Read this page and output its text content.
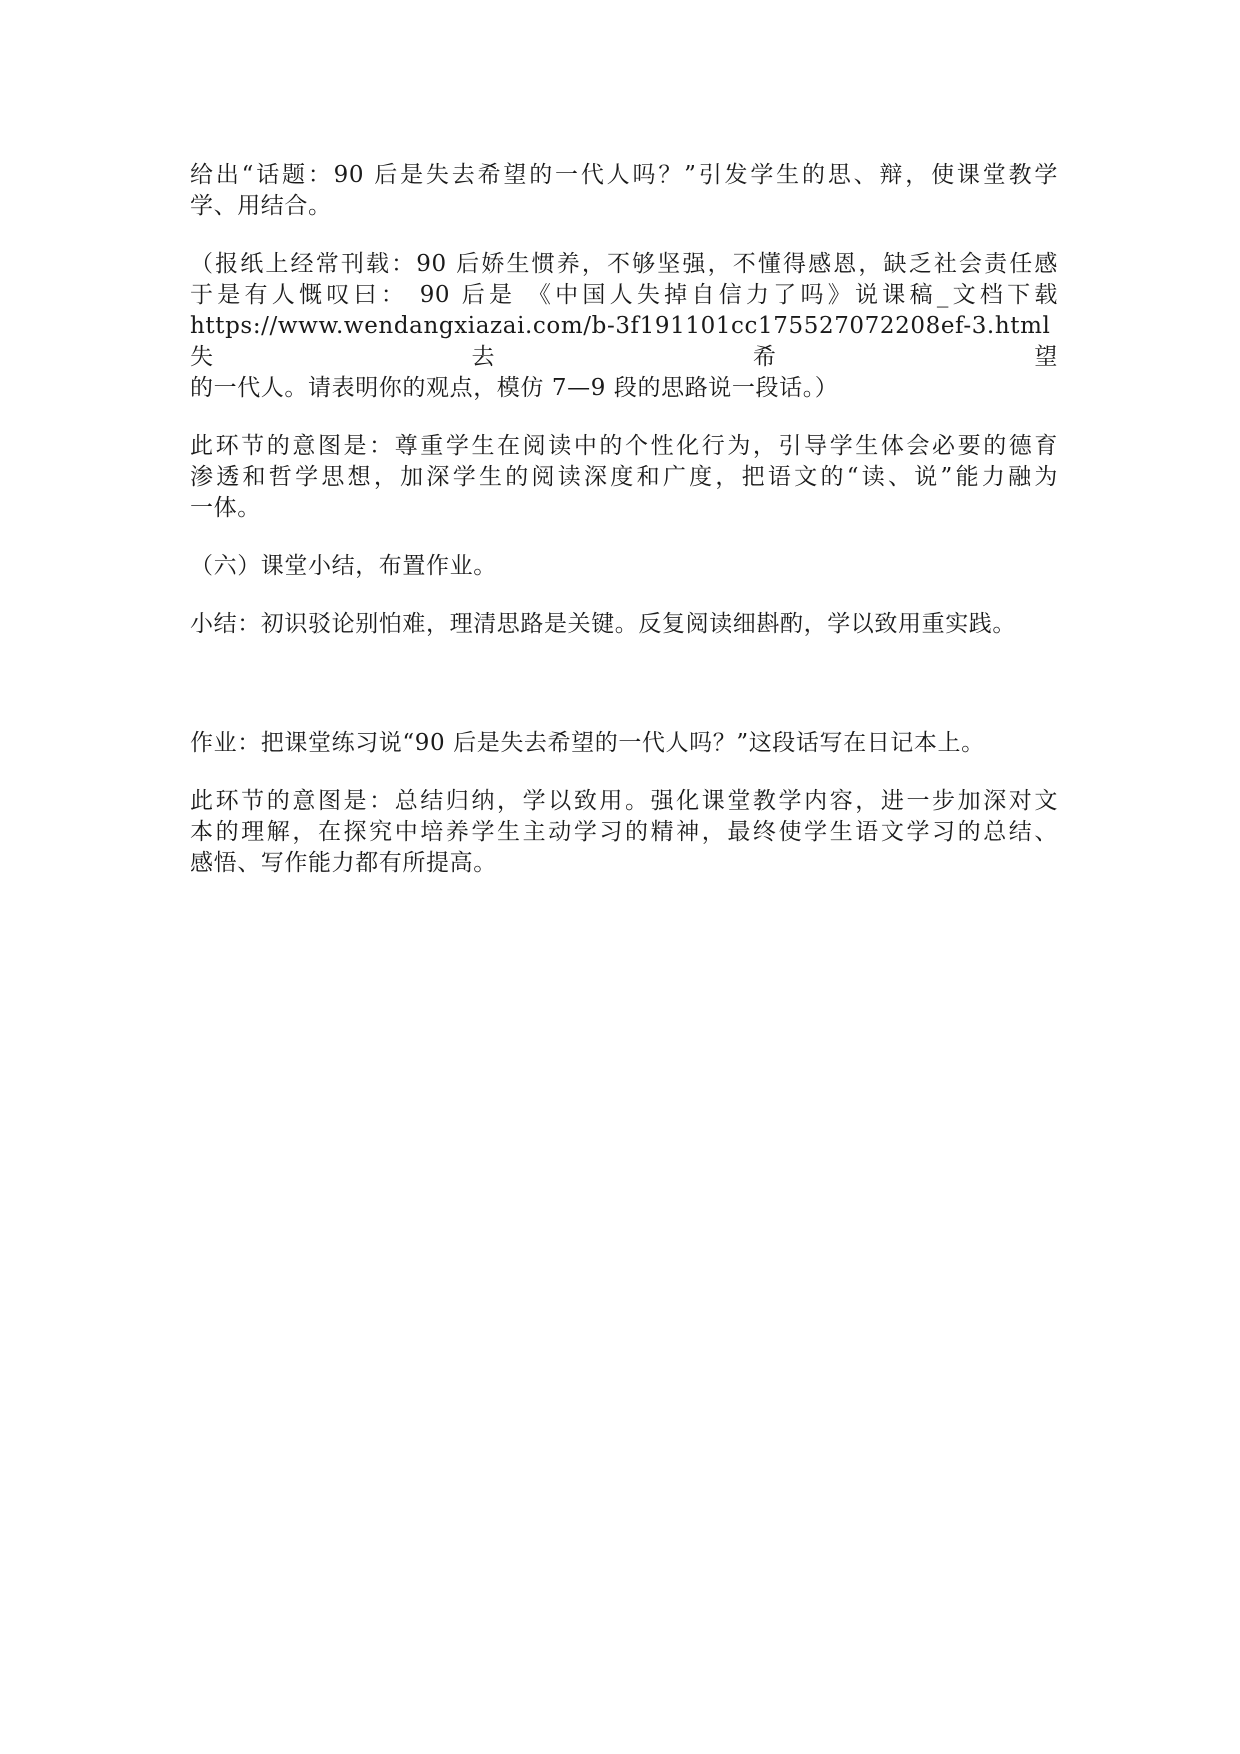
给出“话题：90 后是失去希望的一代人吗？”引发学生的思、辩，使课堂教学
学、用结合。

（报纸上经常刊载：90 后娇生惯养，不够坚强，不懂得感恩，缺乏社会责任感
于是有人慨叹曰： 90 后是 《中国人失掉自信力了吗》说课稿_文档下载
https://www.wendangxiazai.com/b-3f191101cc175527072208ef-3.html 失去希望
的一代人。请表明你的观点，模仿 7—9 段的思路说一段话。）

此环节的意图是：尊重学生在阅读中的个性化行为，引导学生体会必要的德育
渗透和哲学思想，加深学生的阅读深度和广度，把语文的“读、说”能力融为
一体。

（六）课堂小结，布置作业。

小结：初识驳论别怕难，理清思路是关键。反复阅读细斟酌，学以致用重实践。

作业：把课堂练习说“90 后是失去希望的一代人吗？”这段话写在日记本上。

此环节的意图是：总结归纳，学以致用。强化课堂教学内容，进一步加深对文
本的理解，在探究中培养学生主动学习的精神，最终使学生语文学习的总结、
感悟、写作能力都有所提高。
